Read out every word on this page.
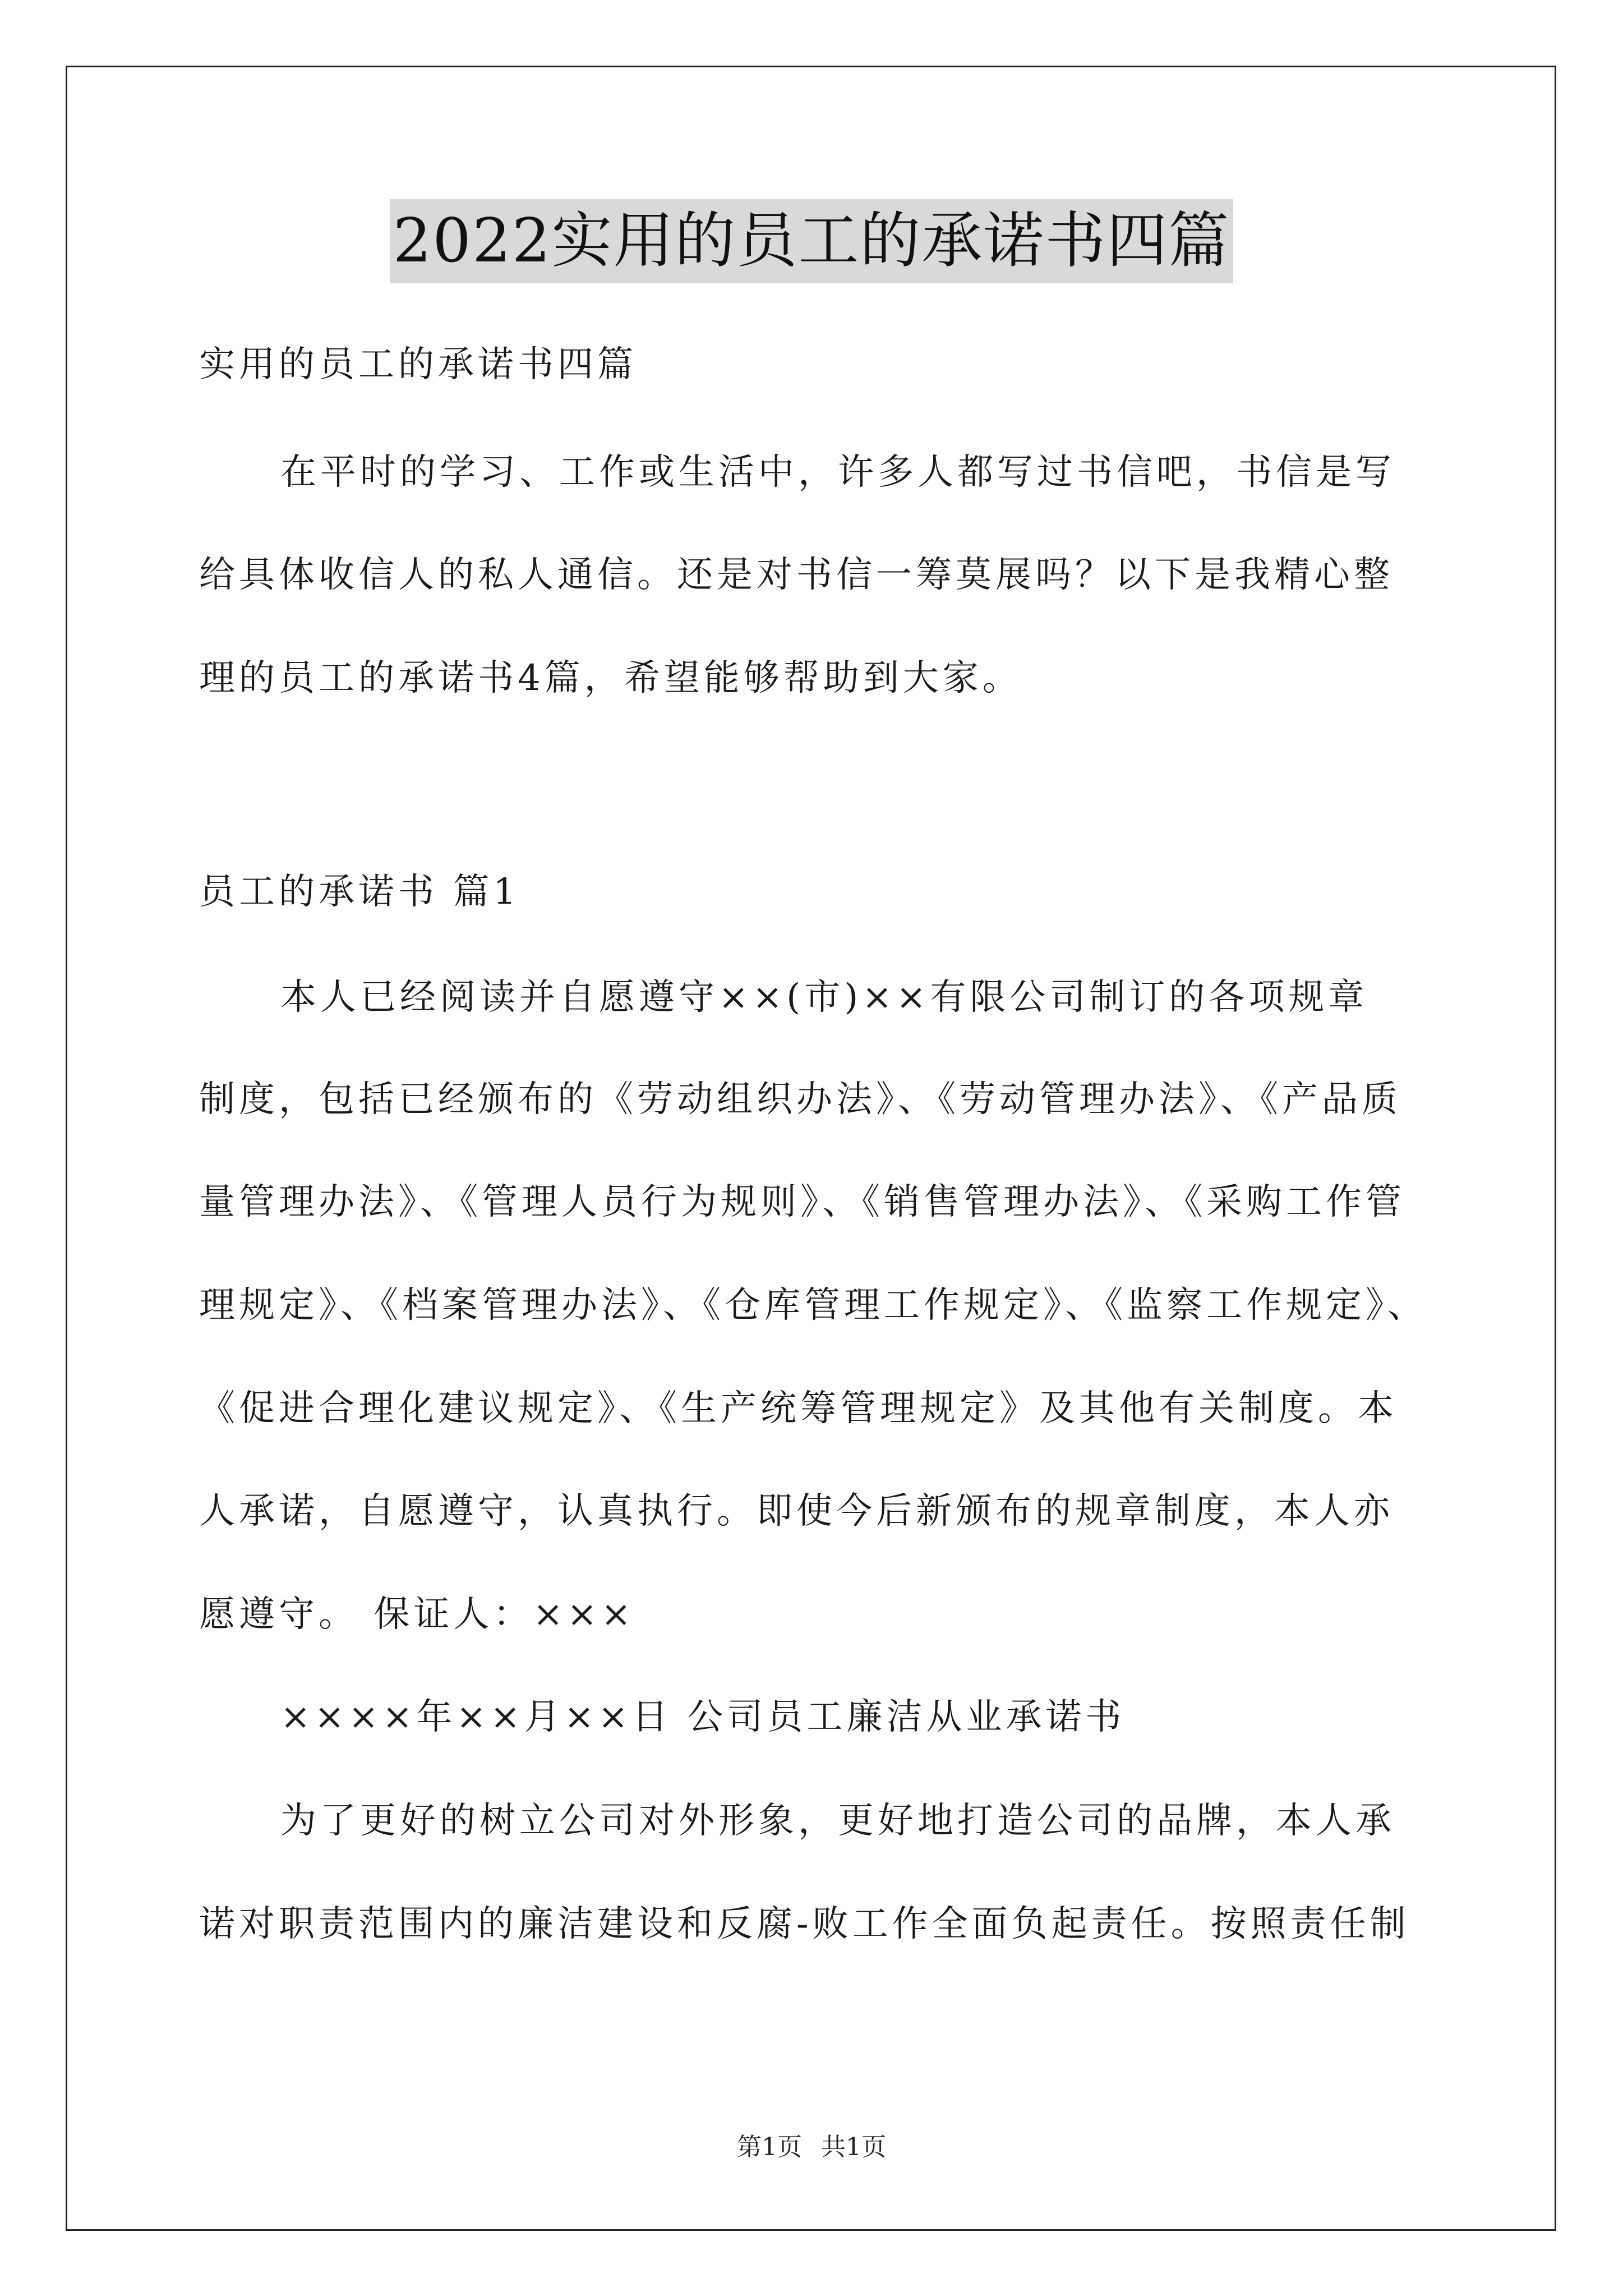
2022实用的员工的承诺书四篇

实用的员工的承诺书四篇

在平时的学习、工作或生活中，许多人都写过书信吧，书信是写

给具体收信人的私人通信。还是对书信一筹莫展吗？以下是我精心整

理的员工的承诺书4篇，希望能够帮助到大家。

员工的承诺书 篇1

本人已经阅读并自愿遵守××(市)××有限公司制订的各项规章

制度，包括已经颁布的《劳动组织办法》、《劳动管理办法》、《产品质

量管理办法》、《管理人员行为规则》、《销售管理办法》、《采购工作管

理规定》、《档案管理办法》、《仓库管理工作规定》、《监察工作规定》、

《促进合理化建议规定》、《生产统筹管理规定》及其他有关制度。本

人承诺，自愿遵守，认真执行。即使今后新颁布的规章制度，本人亦

愿遵守。 保证人：×××

××××年××月××日 公司员工廉洁从业承诺书

为了更好的树立公司对外形象，更好地打造公司的品牌，本人承

诺对职责范围内的廉洁建设和反腐-败工作全面负起责任。按照责任制

第1页 共1页
